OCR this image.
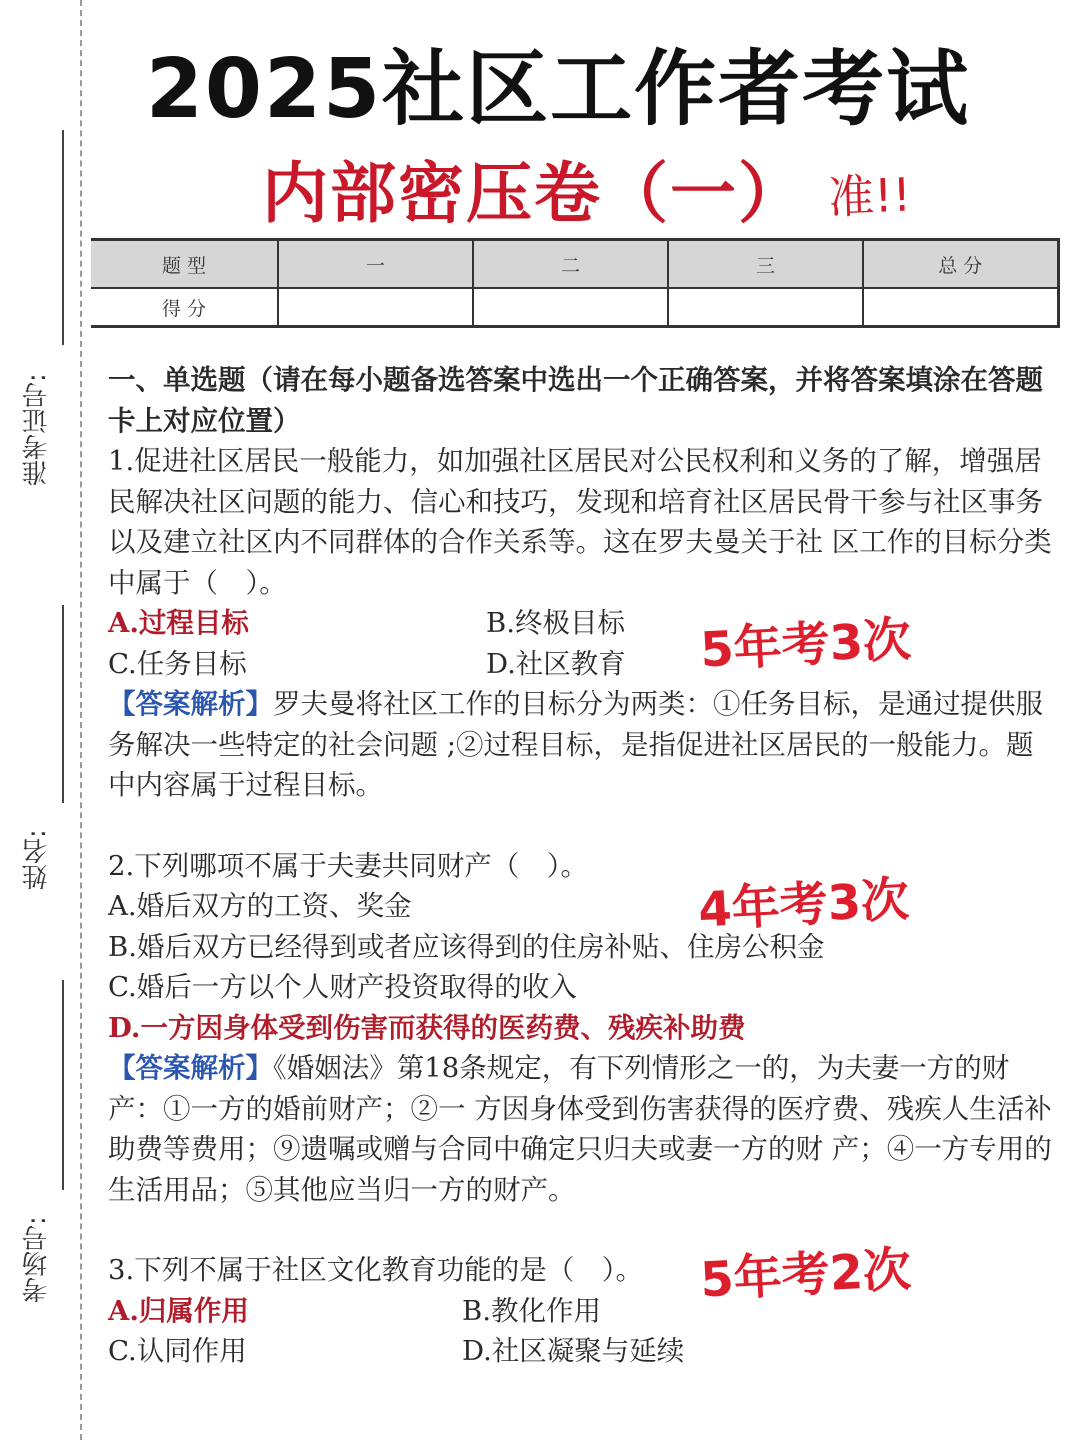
准考证号:
姓名:
考场号:
2025社区工作者考试
内部密压卷（一） 准!!
题 型	一	二	三	总 分
得 分				

一、单选题（请在每小题备选答案中选出一个正确答案，并将答案填涂在答题卡上对应位置）

1.促进社区居民一般能力，如加强社区居民对公民权利和义务的了解，增强居民解决社区问题的能力、信心和技巧，发现和培育社区居民骨干参与社区事务以及建立社区内不同群体的合作关系等。这在罗夫曼关于社 区工作的目标分类中属于（　）。

A.过程目标	B.终极目标
C.任务目标	D.社区教育

【答案解析】罗夫曼将社区工作的目标分为两类：①任务目标，是通过提供服务解决一些特定的社会问题 ;②过程目标，是指促进社区居民的一般能力。题中内容属于过程目标。

2.下列哪项不属于夫妻共同财产（　）。

A.婚后双方的工资、奖金

B.婚后双方已经得到或者应该得到的住房补贴、住房公积金

C.婚后一方以个人财产投资取得的收入

D.一方因身体受到伤害而获得的医药费、残疾补助费

【答案解析】《婚姻法》第18条规定，有下列情形之一的，为夫妻一方的财产：①一方的婚前财产；②一 方因身体受到伤害获得的医疗费、残疾人生活补助费等费用；⑨遗嘱或赠与合同中确定只归夫或妻一方的财 产；④一方专用的生活用品；⑤其他应当归一方的财产。

3.下列不属于社区文化教育功能的是（　）。

A.归属作用	B.教化作用
C.认同作用	D.社区凝聚与延续
5年考3次
4年考3次
5年考2次
